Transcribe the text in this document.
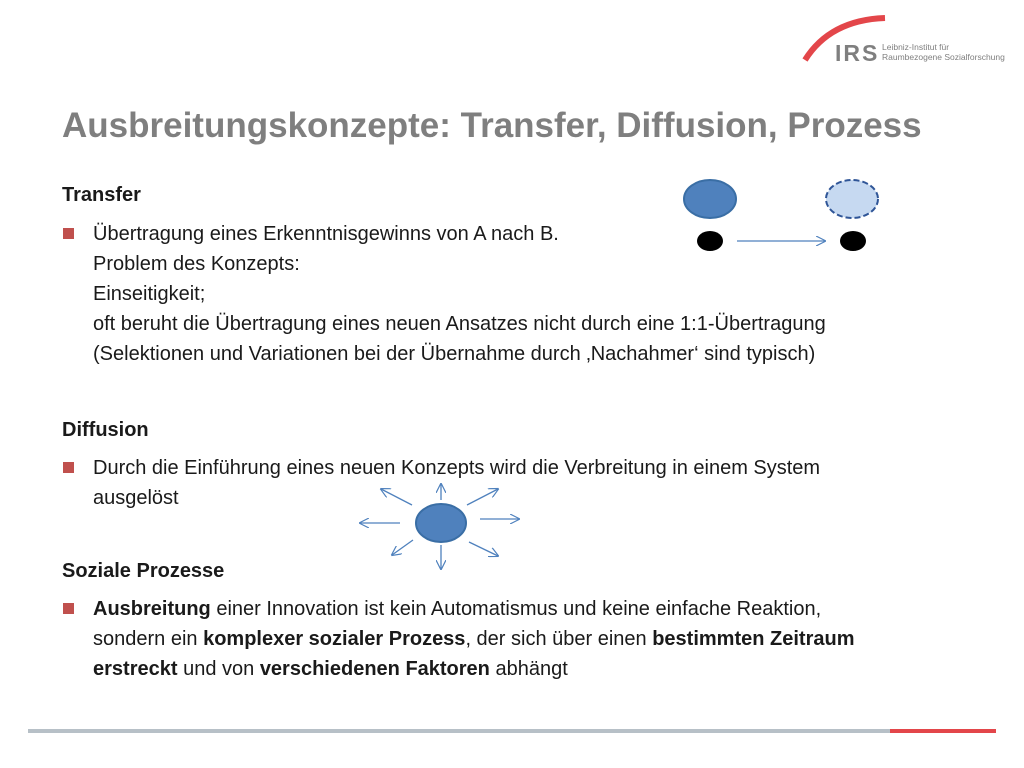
IRS Leibniz-Institut für
Raumbezogene Sozialforschung
Ausbreitungskonzepte: Transfer, Diffusion, Prozess
Transfer
Übertragung eines Erkenntnisgewinns von A nach B.
Problem des Konzepts:
Einseitigkeit;
oft beruht die Übertragung eines neuen Ansatzes nicht durch eine 1:1-Übertragung
(Selektionen und Variationen bei der Übernahme durch ‚Nachahmer‘ sind typisch)
Diffusion
Durch die Einführung eines neuen Konzepts wird die Verbreitung in einem System
ausgelöst
Soziale Prozesse
Ausbreitung einer Innovation ist kein Automatismus und keine einfache Reaktion,
sondern ein komplexer sozialer Prozess, der sich über einen bestimmten Zeitraum
erstreckt und von verschiedenen Faktoren abhängt
